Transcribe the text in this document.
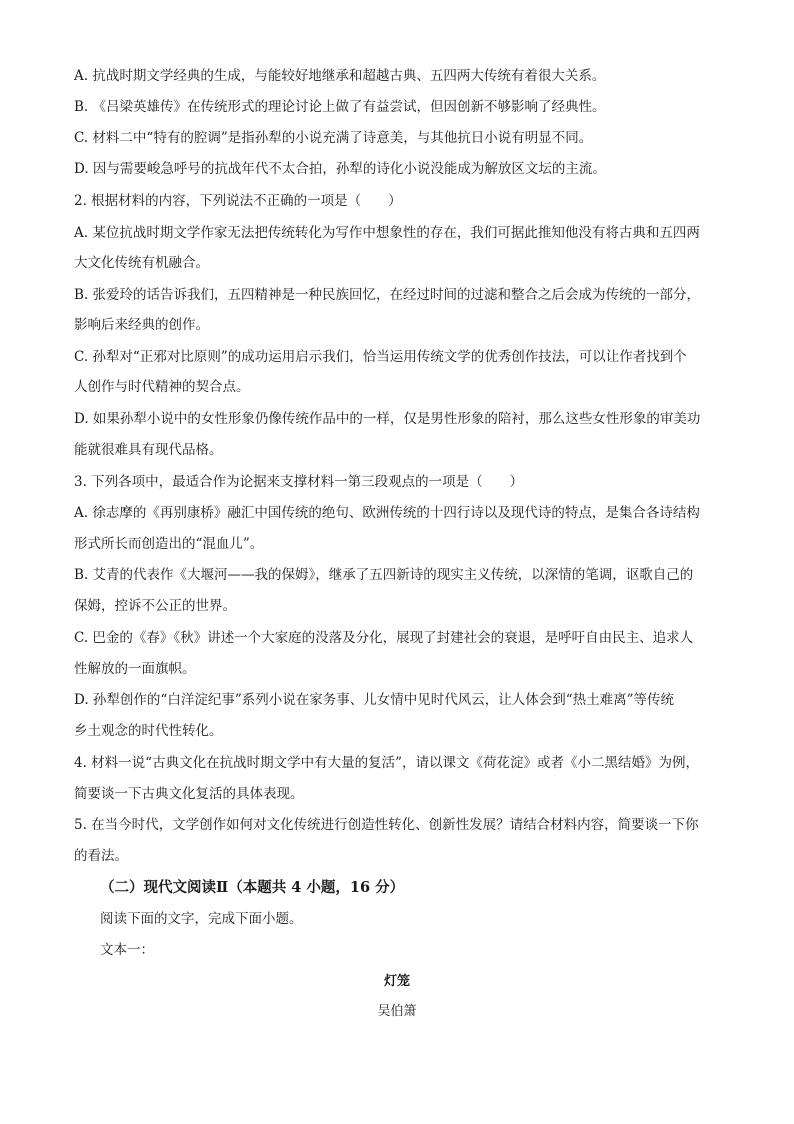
A. 抗战时期文学经典的生成，与能较好地继承和超越古典、五四两大传统有着很大关系。
B. 《吕梁英雄传》在传统形式的理论讨论上做了有益尝试，但因创新不够影响了经典性。
C. 材料二中“特有的腔调”是指孙犁的小说充满了诗意美，与其他抗日小说有明显不同。
D. 因与需要峻急呼号的抗战年代不太合拍，孙犁的诗化小说没能成为解放区文坛的主流。
2. 根据材料的内容，下列说法不正确的一项是（　　）
A. 某位抗战时期文学作家无法把传统转化为写作中想象性的存在，我们可据此推知他没有将古典和五四两
大文化传统有机融合。
B. 张爱玲的话告诉我们，五四精神是一种民族回忆，在经过时间的过滤和整合之后会成为传统的一部分，
影响后来经典的创作。
C. 孙犁对“正邪对比原则”的成功运用启示我们，恰当运用传统文学的优秀创作技法，可以让作者找到个
人创作与时代精神的契合点。
D. 如果孙犁小说中的女性形象仍像传统作品中的一样，仅是男性形象的陪衬，那么这些女性形象的审美功
能就很难具有现代品格。
3. 下列各项中，最适合作为论据来支撑材料一第三段观点的一项是（　　）
A. 徐志摩的《再别康桥》融汇中国传统的绝句、欧洲传统的十四行诗以及现代诗的特点，是集合各诗结构
形式所长而创造出的“混血儿”。
B. 艾青的代表作《大堰河——我的保姆》，继承了五四新诗的现实主义传统，以深情的笔调，讴歌自己的
保姆，控诉不公正的世界。
C. 巴金的《春》《秋》讲述一个大家庭的没落及分化，展现了封建社会的衰退，是呼吁自由民主、追求人
性解放的一面旗帜。
D. 孙犁创作的“白洋淀纪事”系列小说在家务事、儿女情中见时代风云，让人体会到“热土难离”等传统
乡土观念的时代性转化。
4. 材料一说“古典文化在抗战时期文学中有大量的复活”，请以课文《荷花淀》或者《小二黑结婚》为例，
简要谈一下古典文化复活的具体表现。
5. 在当今时代，文学创作如何对文化传统进行创造性转化、创新性发展？请结合材料内容，简要谈一下你
的看法。
（二）现代文阅读Ⅱ（本题共 4 小题，16 分）
阅读下面的文字，完成下面小题。
文本一：
灯笼
吴伯箫
